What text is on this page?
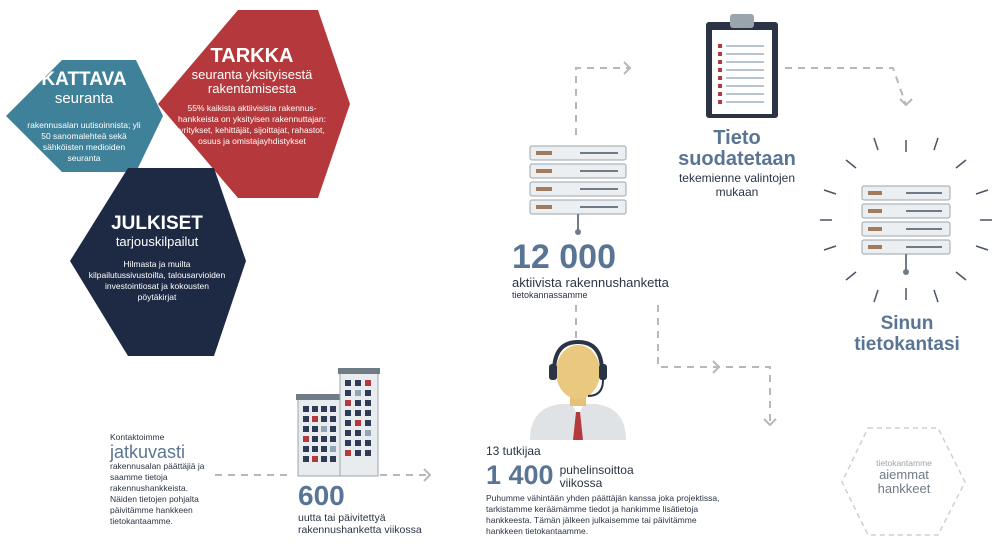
KATTAVA
seuranta
rakennusalan uutisoinnista; yli 50 sanomalehteä sekä sähköisten medioiden seuranta
TARKKA
seuranta yksityisestä rakentamisesta
55% kaikista aktiivisista rakennus-hankkeista on yksityisen rakennuttajan: yritykset, kehittäjät, sijoittajat, rahastot, osuus ja omistajayhdistykset
JULKISET
tarjouskilpailut
Hilmasta ja muilta kilpailutussivustoilta, talousarvioiden investointiosat ja kokousten pöytäkirjat
Kontaktoimme
jatkuvasti
rakennusalan päättäjiä ja saamme tietoja rakennushankkeista. Näiden tietojen pohjalta päivitämme hankkeen tietokantaamme.
600
uutta tai päivitettyä rakennushanketta viikossa
13 tutkijaa
1 400 puhelinsoittoa viikossa
Puhumme vähintään yhden päättäjän kanssa joka projektissa, tarkistamme keräämämme tiedot ja hankimme lisätietoja hankkeesta. Tämän jälkeen julkaisemme tai päivitämme hankkeen tietokantaamme.
12 000
aktiivista rakennushanketta
tietokannassamme
Tieto
suodatetaan
tekemienne valintojen mukaan
Sinun
tietokantasi
tietokantamme
aiemmat
hankkeet
